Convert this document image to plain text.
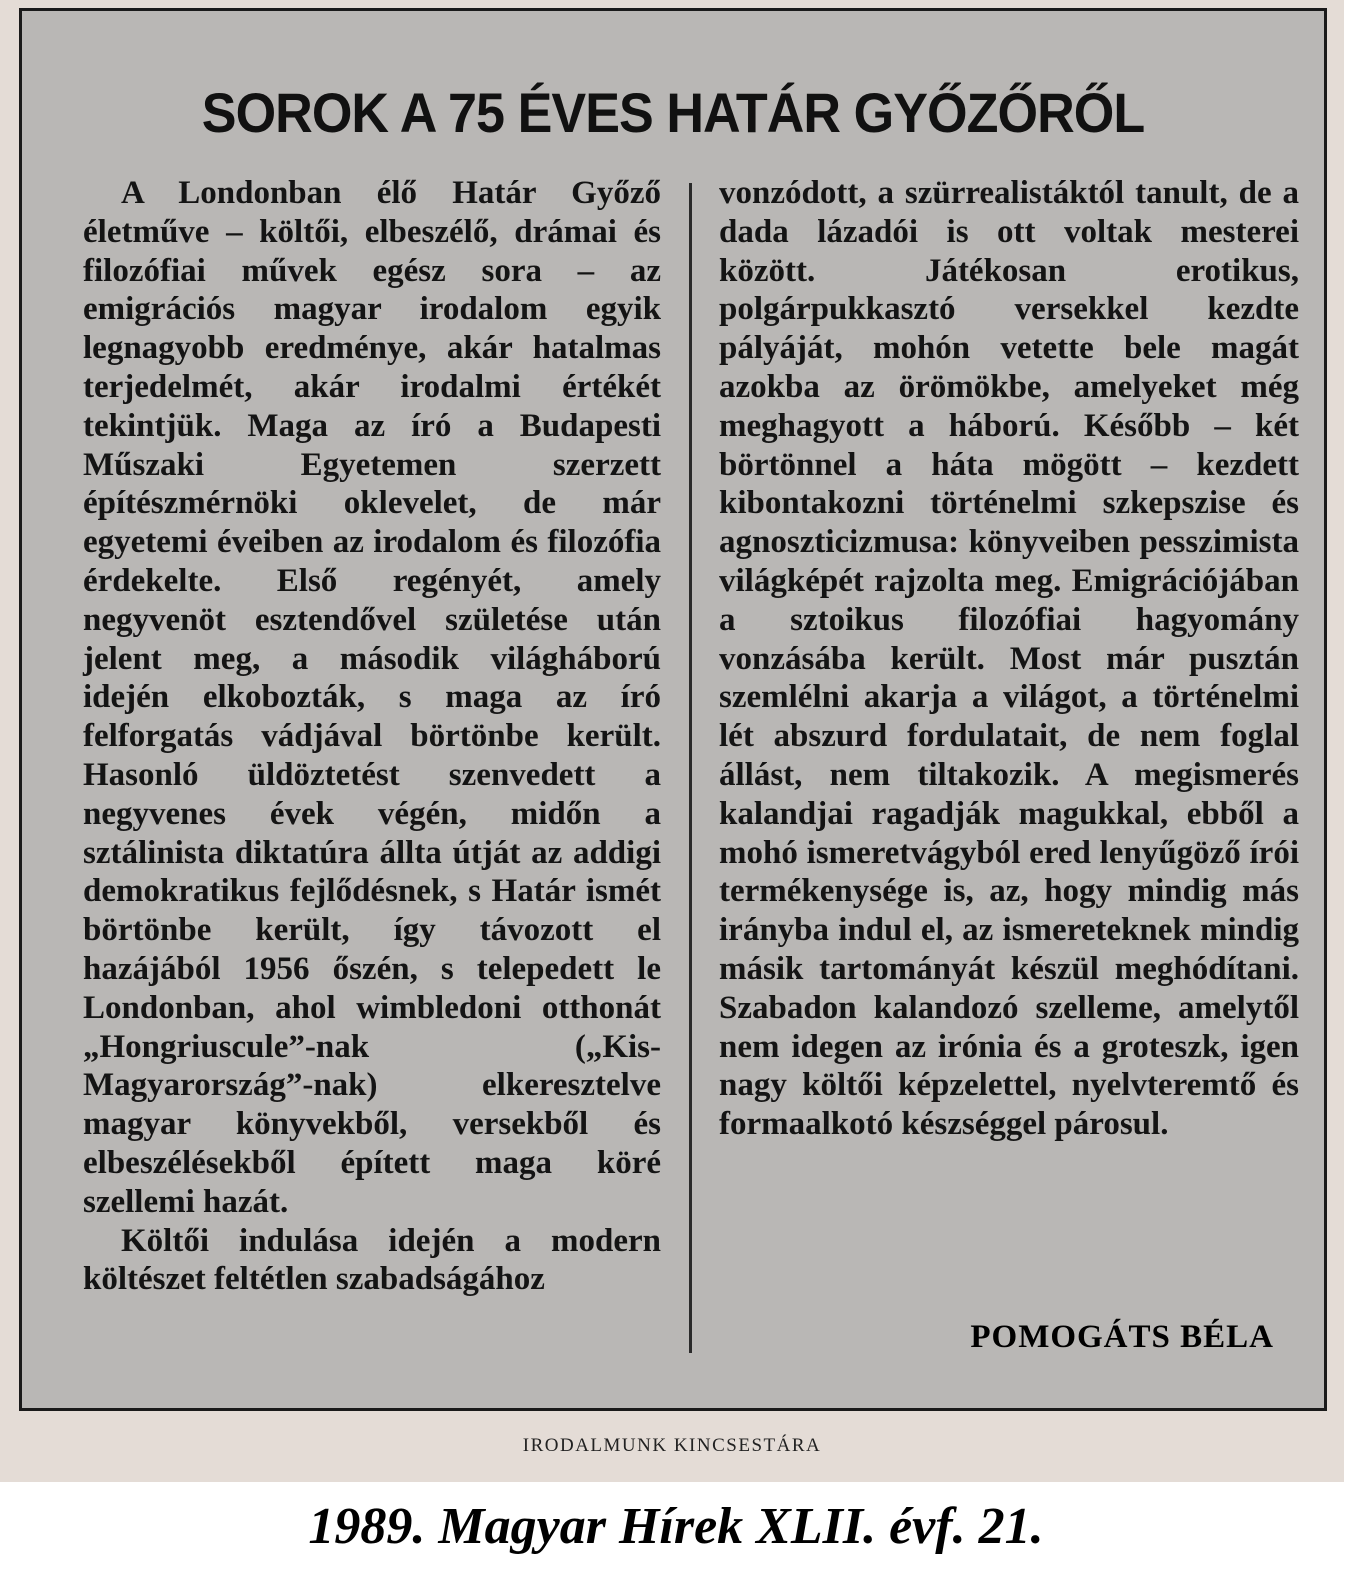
SOROK A 75 ÉVES HATÁR GYŐZŐRŐL

A Londonban élő Határ Győző életműve – költői, elbeszélő, drámai és filozófiai művek egész sora – az emigrációs magyar irodalom egyik legnagyobb eredménye, akár hatalmas terjedelmét, akár irodalmi értékét tekintjük. Maga az író a Budapesti Műszaki Egyetemen szerzett építészmérnöki oklevelet, de már egyetemi éveiben az irodalom és filozófia érdekelte. Első regényét, amely negyvenöt esztendővel születése után jelent meg, a második világháború idején elkobozták, s maga az író felforgatás vádjával börtönbe került. Hasonló üldöztetést szenvedett a negyvenes évek végén, midőn a sztálinista diktatúra állta útját az addigi demokratikus fejlődésnek, s Határ ismét börtönbe került, így távozott el hazájából 1956 őszén, s telepedett le Londonban, ahol wimbledoni otthonát „Hongriuscule”-nak („Kis-Magyarország”-nak) elkeresztelve magyar könyvekből, versekből és elbeszélésekből épített maga köré szellemi hazát.

Költői indulása idején a modern költészet feltétlen szabadságához

vonzódott, a szürrealistáktól tanult, de a dada lázadói is ott voltak mesterei között. Játékosan erotikus, polgárpukkasztó versekkel kezdte pályáját, mohón vetette bele magát azokba az örömökbe, amelyeket még meghagyott a háború. Később – két börtönnel a háta mögött – kezdett kibontakozni történelmi szkepszise és agnoszticizmusa: könyveiben pesszimista világképét rajzolta meg. Emigrációjában a sztoikus filozófiai hagyomány vonzásába került. Most már pusztán szemlélni akarja a világot, a történelmi lét abszurd fordulatait, de nem foglal állást, nem tiltakozik. A megismerés kalandjai ragadják magukkal, ebből a mohó ismeretvágyból ered lenyűgöző írói termékenysége is, az, hogy mindig más irányba indul el, az ismereteknek mindig másik tartományát készül meghódítani. Szabadon kalandozó szelleme, amelytől nem idegen az irónia és a groteszk, igen nagy költői képzelettel, nyelvteremtő és formaalkotó készséggel párosul.

POMOGÁTS BÉLA
IRODALMUNK KINCSESTÁRA
1989. Magyar Hírek XLII. évf. 21.
